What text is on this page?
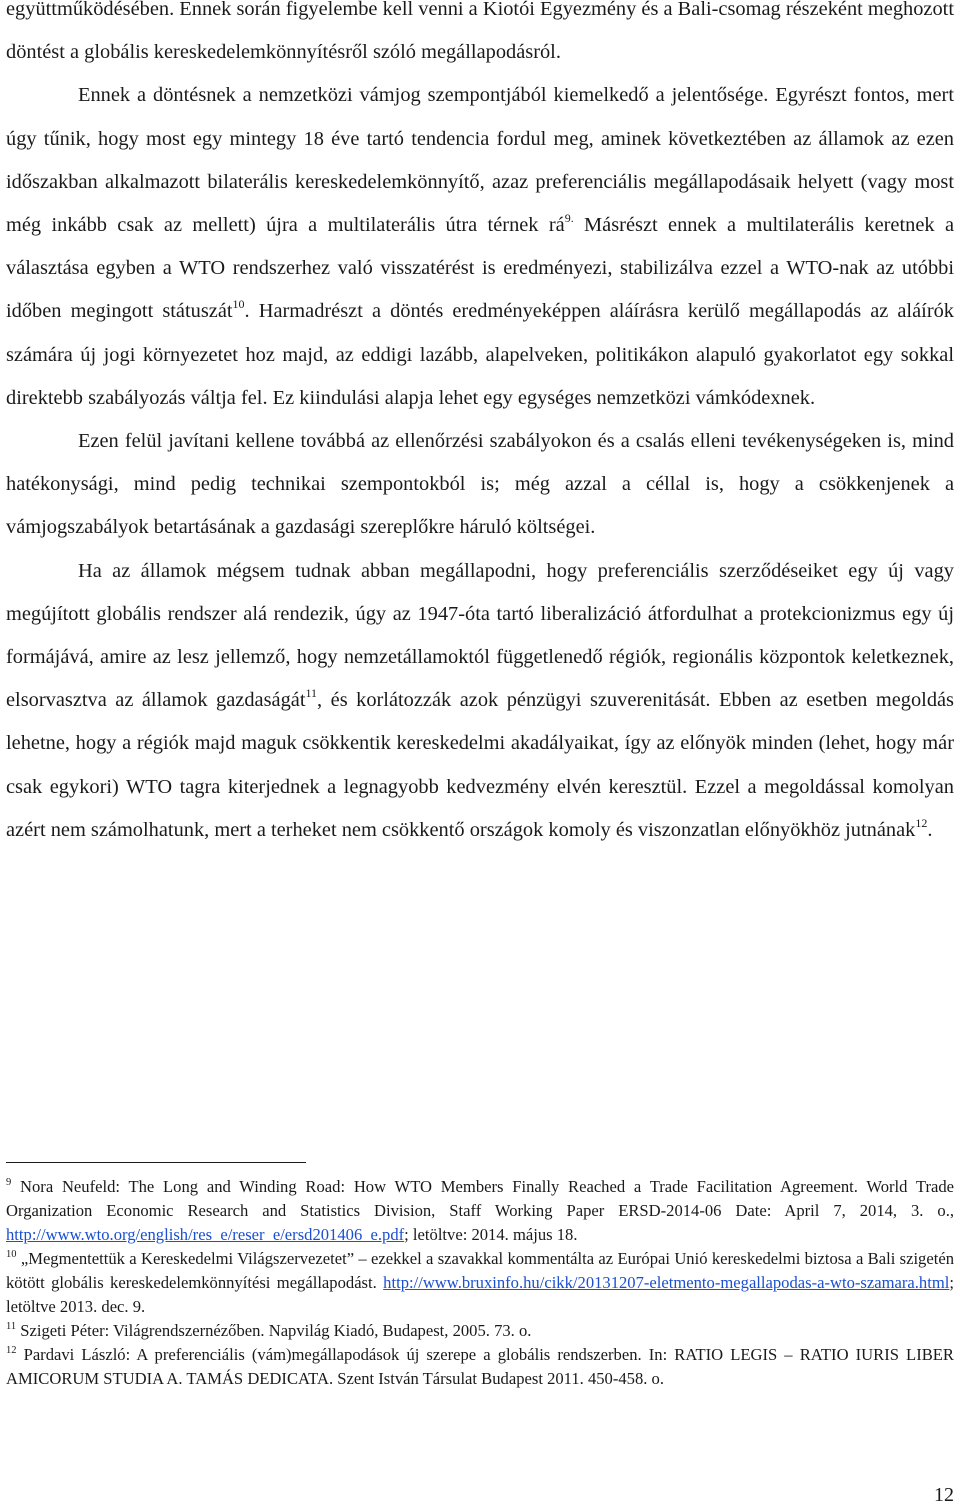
együttműködésében. Ennek során figyelembe kell venni a Kiotói Egyezmény és a Bali-csomag részeként meghozott döntést a globális kereskedelemkönnyítésről szóló megállapodásról.

Ennek a döntésnek a nemzetközi vámjog szempontjából kiemelkedő a jelentősége. Egyrészt fontos, mert úgy tűnik, hogy most egy mintegy 18 éve tartó tendencia fordul meg, aminek következtében az államok az ezen időszakban alkalmazott bilaterális kereskedelemkönnyítő, azaz preferenciális megállapodásaik helyett (vagy most még inkább csak az mellett) újra a multilaterális útra térnek $rá^{9.}$ Másrészt ennek a multilaterális keretnek a választása egyben a WTO rendszerhez való visszatérést is eredményezi, stabilizálva ezzel a WTO-nak az utóbbi időben megingott státuszát$^{10}$. Harmadrészt a döntés eredményeképpen aláírásra kerülő megállapodás az aláírók számára új jogi környezetet hoz majd, az eddigi lazább, alapelveken, politikákon alapuló gyakorlatot egy sokkal direktebb szabályozás váltja fel. Ez kiindulási alapja lehet egy egységes nemzetközi vámkódexnek.

Ezen felül javítani kellene továbbá az ellenőrzési szabályokon és a csalás elleni tevékenységeken is, mind hatékonysági, mind pedig technikai szempontokból is; még azzal a céllal is, hogy a csökkenjenek a vámjogszabályok betartásának a gazdasági szereplőkre háruló költségei.

Ha az államok mégsem tudnak abban megállapodni, hogy preferenciális szerződéseiket egy új vagy megújított globális rendszer alá rendezik, úgy az 1947-óta tartó liberalizáció átfordulhat a protekcionizmus egy új formájává, amire az lesz jellemző, hogy nemzetállamoktól függetlenedő régiók, regionális központok keletkeznek, elsorvasztva az államok gazdaságát$^{11}$, és korlátozzák azok pénzügyi szuverenitását. Ebben az esetben megoldás lehetne, hogy a régiók majd maguk csökkentik kereskedelmi akadályaikat, így az előnyök minden (lehet, hogy már csak egykori) WTO tagra kiterjednek a legnagyobb kedvezmény elvén keresztül. Ezzel a megoldással komolyan azért nem számolhatunk, mert a terheket nem csökkentő országok komoly és viszonzatlan előnyökhöz jutnának$^{12}$.

$^9$ Nora Neufeld: The Long and Winding Road: How WTO Members Finally Reached a Trade Facilitation Agreement. World Trade Organization Economic Research and Statistics Division, Staff Working Paper ERSD-2014-06 Date: April 7, 2014, 3. o., http://www.wto.org/english/res_e/reser_e/ersd201406_e.pdf; letöltve: 2014. május 18.

$^{10}$ „Megmentettük a Kereskedelmi Világszervezetet” – ezekkel a szavakkal kommentálta az Európai Unió kereskedelmi biztosa a Bali szigetén kötött globális kereskedelemkönnyítési megállapodást. http://www.bruxinfo.hu/cikk/20131207-eletmento-megallapodas-a-wto-szamara.html; letöltve 2013. dec. 9.

$^{11}$ Szigeti Péter: Világrendszernézőben. Napvilág Kiadó, Budapest, 2005. 73. o.

$^{12}$ Pardavi László: A preferenciális (vám)megállapodások új szerepe a globális rendszerben. In: RATIO LEGIS – RATIO IURIS LIBER AMICORUM STUDIA A. TAMÁS DEDICATA. Szent István Társulat Budapest 2011. 450-458. o.

12
